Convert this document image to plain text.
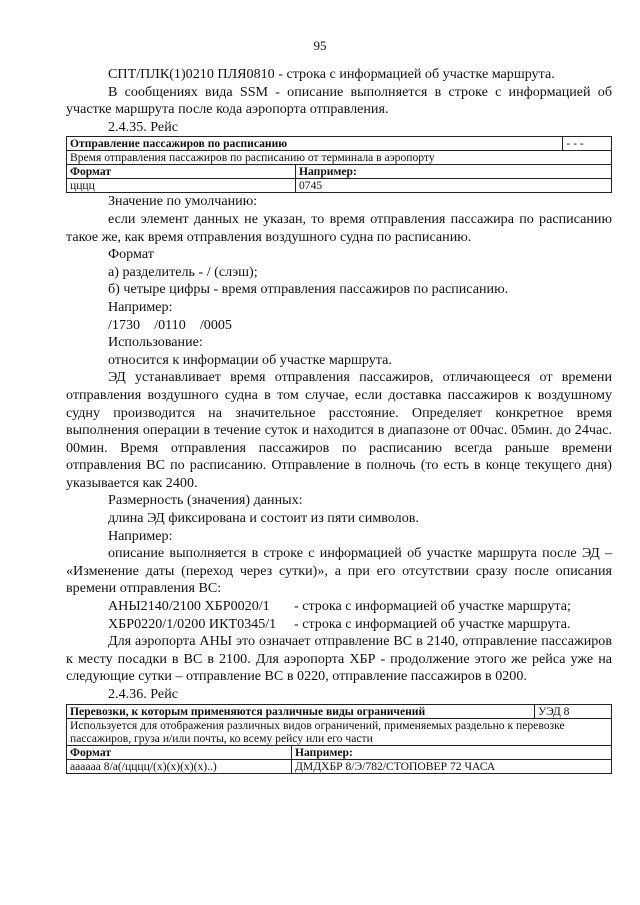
95

СПТ/ПЛК(1)0210 ПЛЯ0810 - строка с информацией об участке маршрута.

В сообщениях вида SSM - описание выполняется в строке с информацией об участке маршрута после кода аэропорта отправления.

2.4.35. Рейс

Отправление пассажиров по расписанию		- - -
Время отправления пассажиров по расписанию от терминала в аэропорту		
Формат	Например:	
цццц	0745	

Значение по умолчанию:

если элемент данных не указан, то время отправления пассажира по расписанию такое же, как время отправления воздушного судна по расписанию.

Формат

а) разделитель - / (слэш);

б) четыре цифры - время отправления пассажиров по расписанию.

Например:

/1730    /0110    /0005

Использование:

относится к информации об участке маршрута.

ЭД устанавливает время отправления пассажиров, отличающееся от времени отправления воздушного судна в том случае, если доставка пассажиров к воздушному судну производится на значительное расстояние. Определяет конкретное время выполнения операции в течение суток и находится в диапазоне от 00час. 05мин. до 24час. 00мин. Время отправления пассажиров по расписанию всегда раньше времени отправления ВС по расписанию. Отправление в полночь (то есть в конце текущего дня) указывается как 2400.

Размерность (значения) данных:

длина ЭД фиксирована и состоит из пяти символов.

Например:

описание выполняется в строке с информацией об участке маршрута после ЭД – «Изменение даты (переход через сутки)», а при его отсутствии сразу после описания времени отправления ВС:

АНЫ2140/2100 ХБР0020/1 - строка с информацией об участке маршрута;
ХБР0220/1/0200 ИКТ0345/1 - строка с информацией об участке маршрута.

Для аэропорта АНЫ это означает отправление ВС в 2140, отправление пассажиров к месту посадки в ВС в 2100. Для аэропорта ХБР - продолжение этого же рейса уже на следующие сутки – отправление ВС в 0220, отправление пассажиров в 0200.

2.4.36. Рейс

Перевозки, к которым применяются различные виды ограничений		УЭД 8
Используется для отображения различных видов ограничений, применяемых раздельно к перевозке пассажиров, груза и/или почты, ко всему рейсу или его части		
Формат	Например:	
аааааа 8/а(/цццц/(х)(х)(х)(х)..)	ДМДХБР 8/Э/782/СТОПОВЕР 72 ЧАСА	
